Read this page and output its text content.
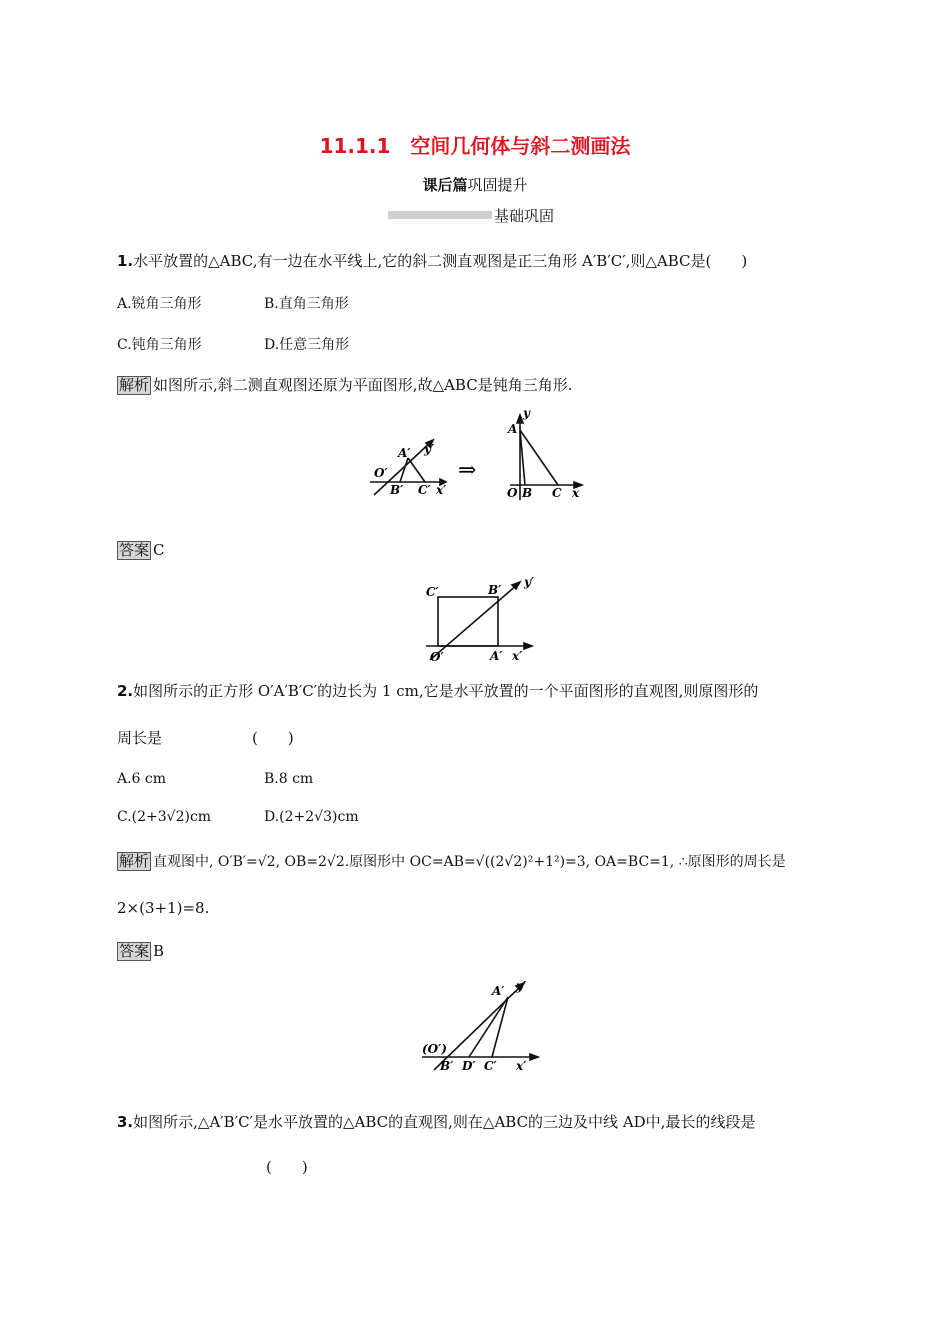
11.1.1　空间几何体与斜二测画法
课后篇巩固提升
基础巩固
1.水平放置的△ABC,有一边在水平线上,它的斜二测直观图是正三角形 A′B′C′,则△ABC是(　　)
A.锐角三角形	B.直角三角形
C.钝角三角形	D.任意三角形
解析 如图所示,斜二测直观图还原为平面图形,故△ABC是钝角三角形.
A′ y′
O′
B′ C′ x′
⇒
y
A
O B C x
答案 C
C′	B′
y′
O′	A′ x′
2.如图所示的正方形 O′A′B′C′的边长为 1 cm,它是水平放置的一个平面图形的直观图,则原图形的
周长是　　　　　　(　　)
A.6 cm	B.8 cm
C.(2+3√2)cm	D.(2+2√3)cm
解析 直观图中, O′B′=√2, OB=2√2.原图形中 OC=AB=√((2√2)²+1²)=3, OA=BC=1, ∴原图形的周长是
2×(3+1)=8.
答案 B
A′ y′
(O′)
B′ D′ C′ x′
3.如图所示,△A′B′C′是水平放置的△ABC的直观图,则在△ABC的三边及中线 AD中,最长的线段是
(　　)
